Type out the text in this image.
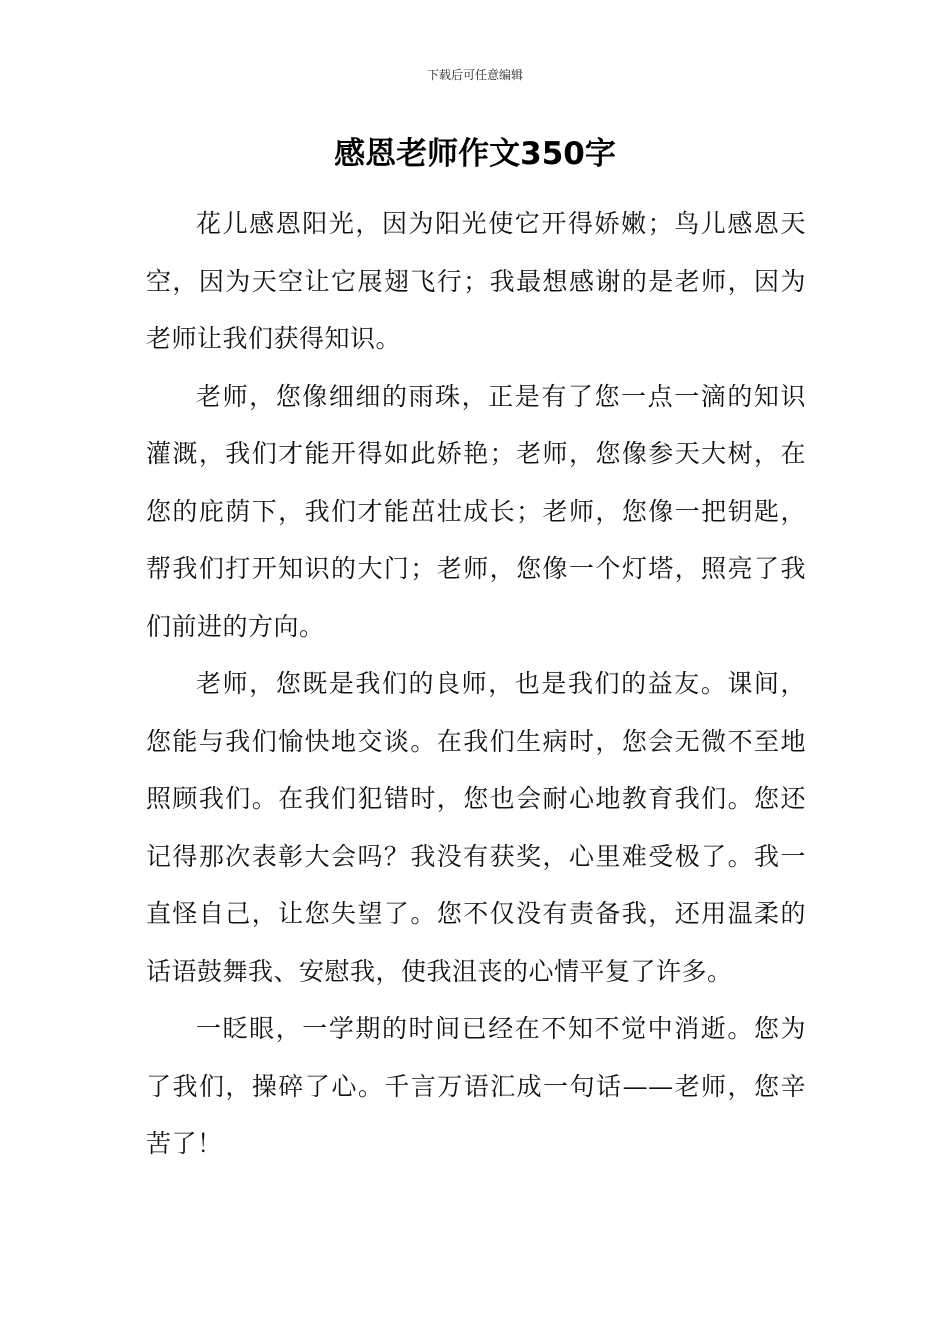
下载后可任意编辑
感恩老师作文350字

花儿感恩阳光，因为阳光使它开得娇嫩；鸟儿感恩天空，因为天空让它展翅飞行；我最想感谢的是老师，因为老师让我们获得知识。

老师，您像细细的雨珠，正是有了您一点一滴的知识灌溉，我们才能开得如此娇艳；老师，您像参天大树，在您的庇荫下，我们才能茁壮成长；老师，您像一把钥匙，帮我们打开知识的大门；老师，您像一个灯塔，照亮了我们前进的方向。

老师，您既是我们的良师，也是我们的益友。课间，您能与我们愉快地交谈。在我们生病时，您会无微不至地照顾我们。在我们犯错时，您也会耐心地教育我们。您还记得那次表彰大会吗？我没有获奖，心里难受极了。我一直怪自己，让您失望了。您不仅没有责备我，还用温柔的话语鼓舞我、安慰我，使我沮丧的心情平复了许多。

一眨眼，一学期的时间已经在不知不觉中消逝。您为了我们，操碎了心。千言万语汇成一句话——老师，您辛苦了！
